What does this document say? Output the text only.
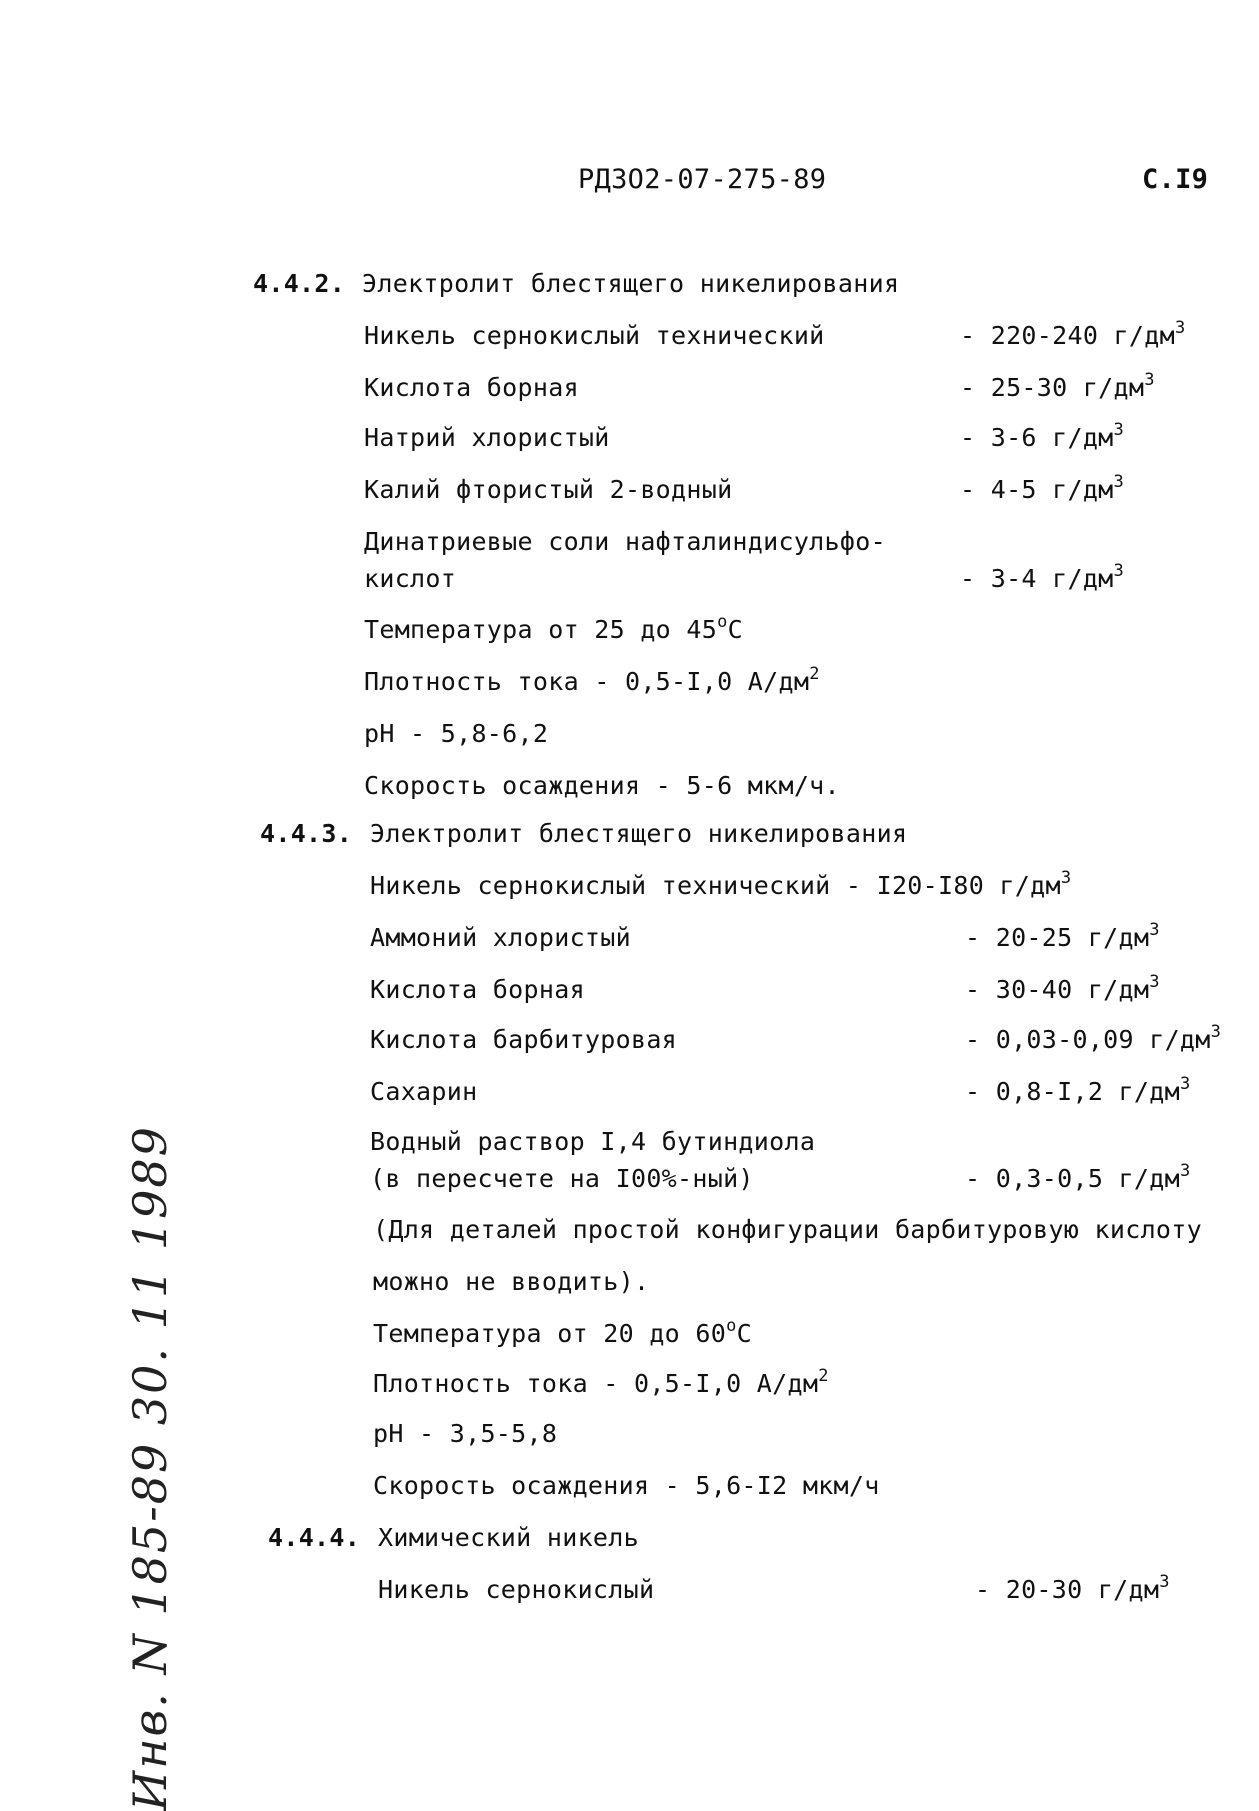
РДЗО2-07-275-89	С.I9
4.4.2. Электролит блестящего никелирования
Никель сернокислый технический	- 220-240 $г/дм^3$
Кислота борная	- 25-30 $г/дм^3$
Натрий хлористый	- 3-6 $г/дм^3$
Калий фтористый 2-водный	- 4-5 $г/дм^3$
Динатриевые соли нафталиндисульфо-
кислот	- 3-4 $г/дм^3$
Температура от 25 до 45$^o$C
Плотность тока - 0,5-I,0 $А/дм^2$
pH - 5,8-6,2
Скорость осаждения - 5-6 мкм/ч.
4.4.3. Электролит блестящего никелирования
Никель сернокислый технический - I20-I80 $г/дм^3$
Аммоний хлористый	- 20-25 $г/дм^3$
Кислота борная	- 30-40 $г/дм^3$
Кислота барбитуровая	- 0,03-0,09 $г/дм^3$
Сахарин	- 0,8-I,2 $г/дм^3$
Водный раствор I,4 бутиндиола
(в пересчете на I00%-ный)	- 0,3-0,5 $г/дм^3$
(Для деталей простой конфигурации барбитуровую кислоту
можно не вводить).
Температура от 20 до 60$^o$C
Плотность тока - 0,5-I,0 $А/дм^2$
pH - 3,5-5,8
Скорость осаждения - 5,6-I2 мкм/ч
4.4.4. Химический никель
Никель сернокислый	- 20-30 $г/дм^3$
Инв. N 185-89 30. 11 1989
